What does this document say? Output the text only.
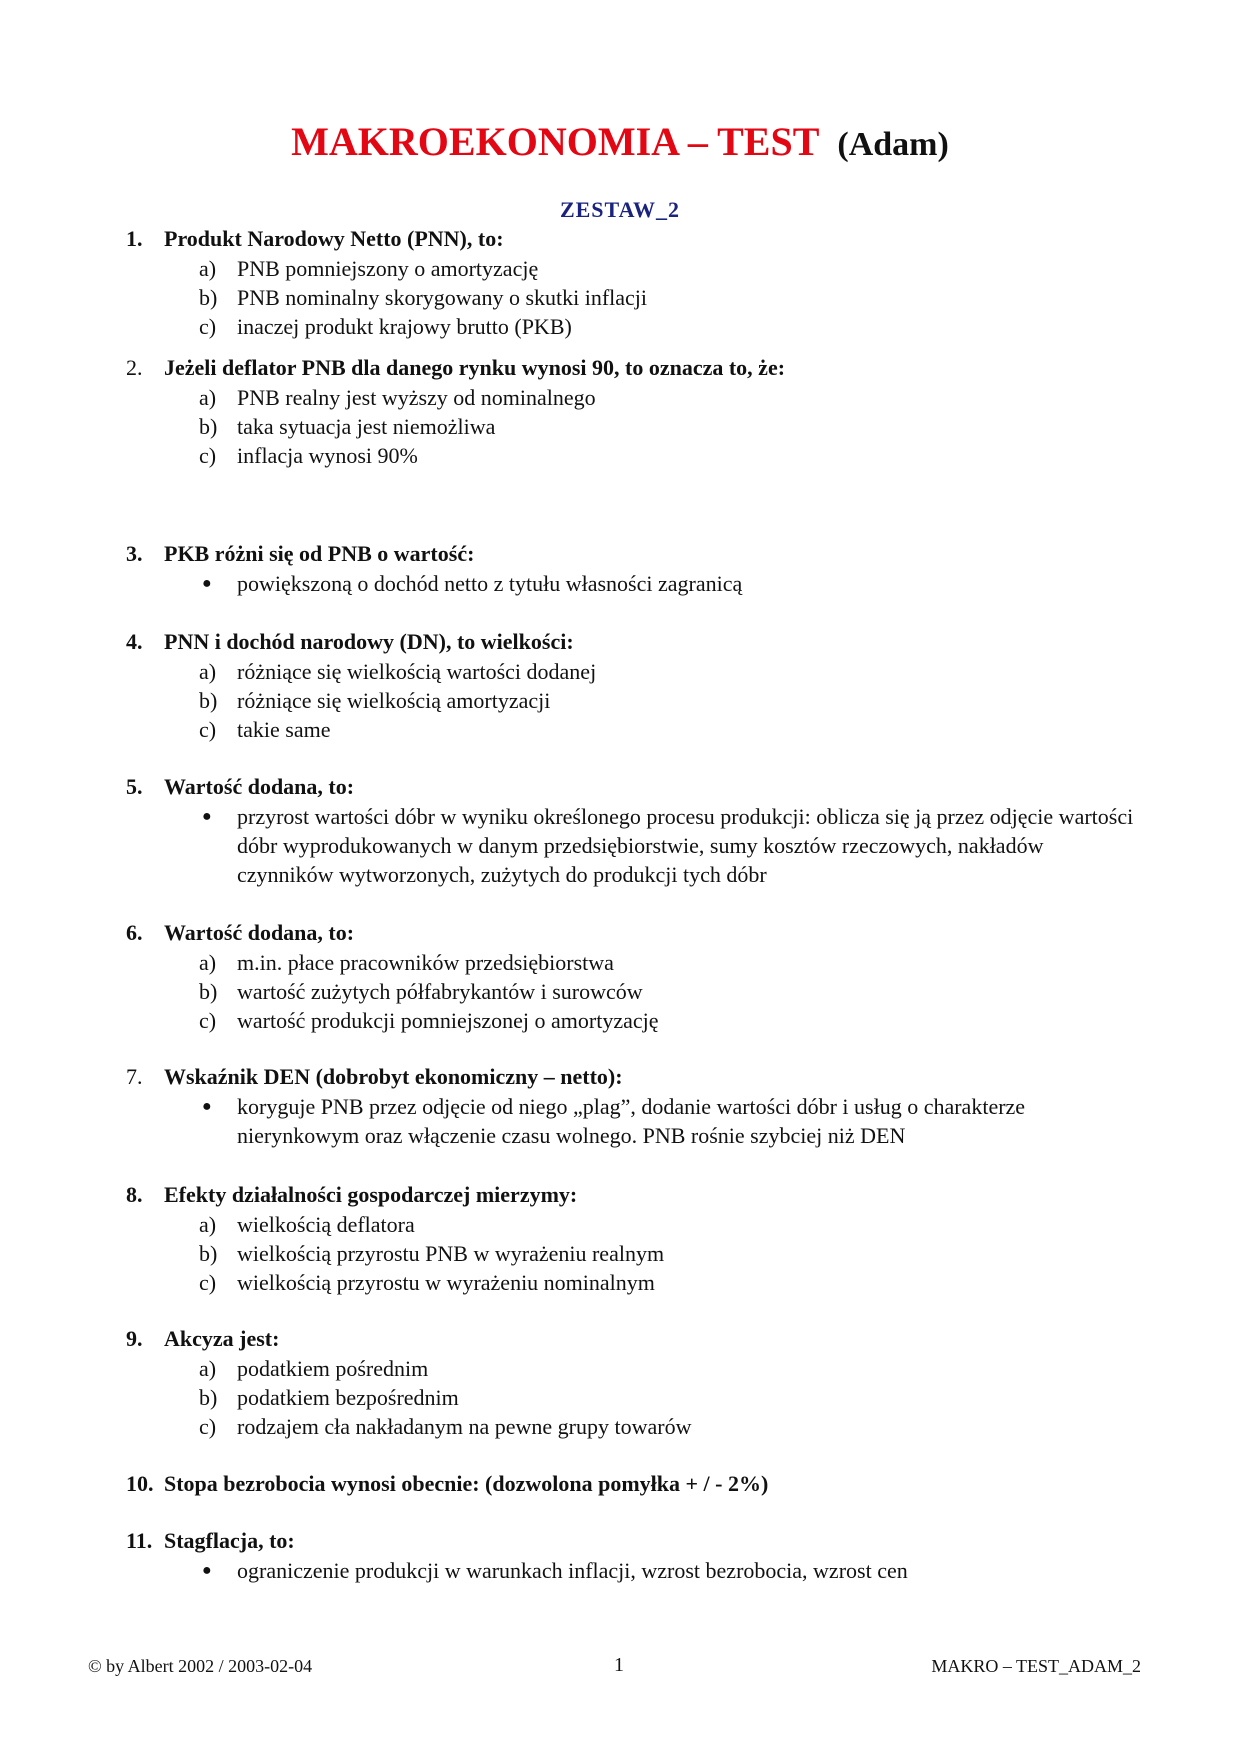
MAKROEKONOMIA – TEST (Adam)
ZESTAW_2
1. Produkt Narodowy Netto (PNN), to:
a) PNB pomniejszony o amortyzację
b) PNB nominalny skorygowany o skutki inflacji
c) inaczej produkt krajowy brutto (PKB)
2. Jeżeli deflator PNB dla danego rynku wynosi 90, to oznacza to, że:
a) PNB realny jest wyższy od nominalnego
b) taka sytuacja jest niemożliwa
c) inflacja wynosi 90%
3. PKB różni się od PNB o wartość:
●	powiększoną o dochód netto z tytułu własności zagranicą
4. PNN i dochód narodowy (DN), to wielkości:
a) różniące się wielkością wartości dodanej
b) różniące się wielkością amortyzacji
c) takie same
5. Wartość dodana, to:
●	przyrost wartości dóbr w wyniku określonego procesu produkcji: oblicza się ją przez odjęcie wartości dóbr wyprodukowanych w danym przedsiębiorstwie, sumy kosztów rzeczowych, nakładów czynników wytworzonych, zużytych do produkcji tych dóbr
6. Wartość dodana, to:
a) m.in. płace pracowników przedsiębiorstwa
b) wartość zużytych półfabrykantów i surowców
c) wartość produkcji pomniejszonej o amortyzację
7. Wskaźnik DEN (dobrobyt ekonomiczny – netto):
●	koryguje PNB przez odjęcie od niego „plag”, dodanie wartości dóbr i usług o charakterze nierynkowym oraz włączenie czasu wolnego. PNB rośnie szybciej niż DEN
8. Efekty działalności gospodarczej mierzymy:
a) wielkością deflatora
b) wielkością przyrostu PNB w wyrażeniu realnym
c) wielkością przyrostu w wyrażeniu nominalnym
9. Akcyza jest:
a) podatkiem pośrednim
b) podatkiem bezpośrednim
c) rodzajem cła nakładanym na pewne grupy towarów
10. Stopa bezrobocia wynosi obecnie: (dozwolona pomyłka + / - 2%)
11. Stagflacja, to:
●	ograniczenie produkcji w warunkach inflacji, wzrost bezrobocia, wzrost cen
© by Albert 2002 / 2003-02-04	1	MAKRO – TEST_ADAM_2
